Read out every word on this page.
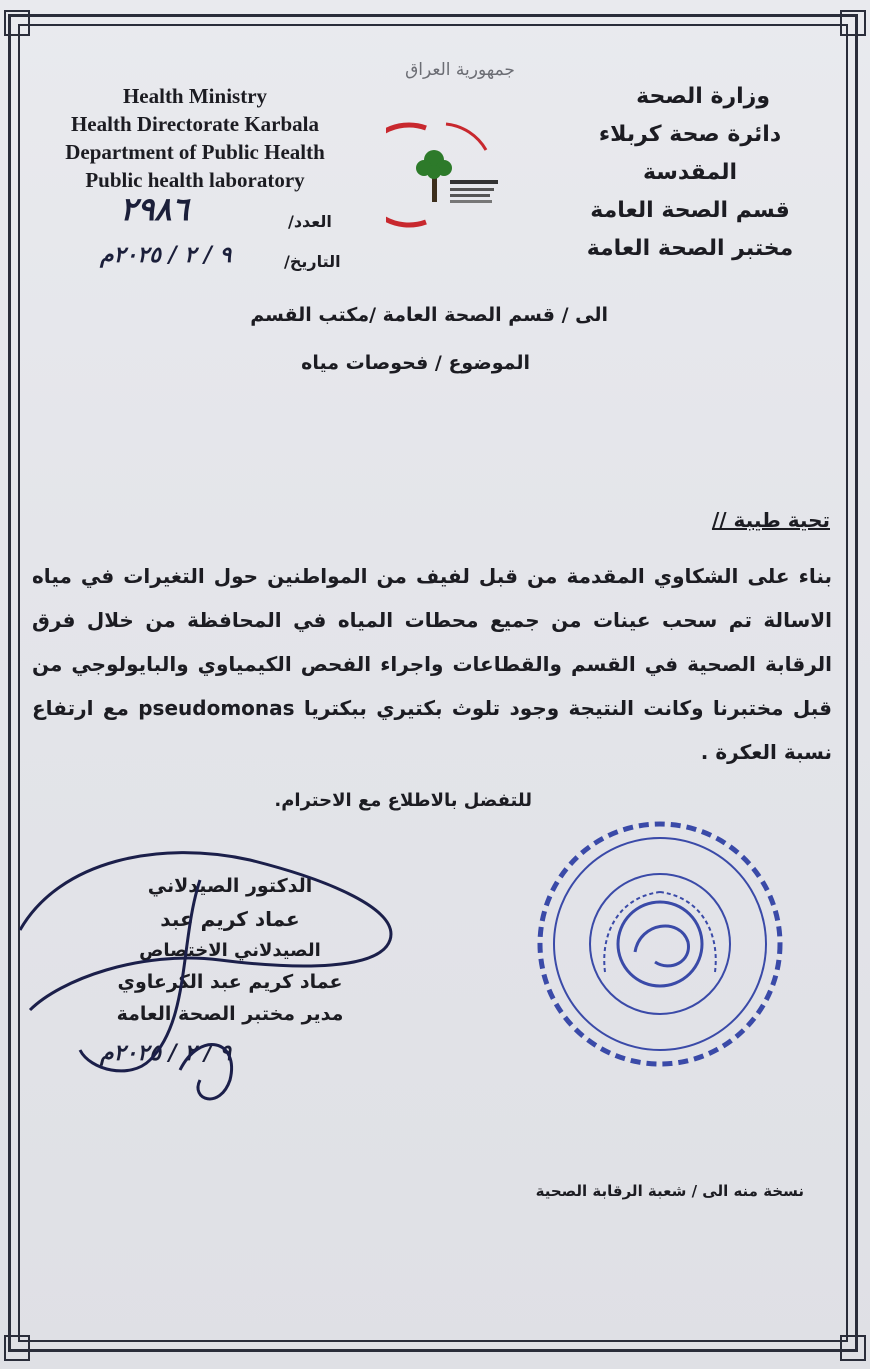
Health Ministry
Health Directorate Karbala
Department of Public Health
Public health laboratory
وزارة الصحة
دائرة صحة كربلاء المقدسة
قسم الصحة العامة
مختبر الصحة العامة
جمهورية العراق
العدد/
٢٩٨٦
التاريخ/
٩ / ٢ / ٢٠٢٥م
الى / قسم الصحة العامة /مكتب القسم
الموضوع / فحوصات مياه
تحية طيبة //
بناء على الشكاوي المقدمة من قبل لفيف من المواطنين حول التغيرات في مياه الاسالة تم سحب عينات من جميع محطات المياه في المحافظة من خلال فرق الرقابة الصحية في القسم والقطاعات واجراء الفحص الكيمياوي والبايولوجي من قبل مختبرنا وكانت النتيجة وجود تلوث بكتيري ببكتريا pseudomonas مع ارتفاع نسبة العكرة .
للتفضل بالاطلاع مع الاحترام.
الدكتور الصيدلاني
عماد كريم عبد
الصيدلاني الاختصاص
عماد كريم عبد الكرعاوي
مدير مختبر الصحة العامة
٩ / ٢ / ٢٠٢٥م
نسخة منه الى / شعبة الرقابة الصحية
